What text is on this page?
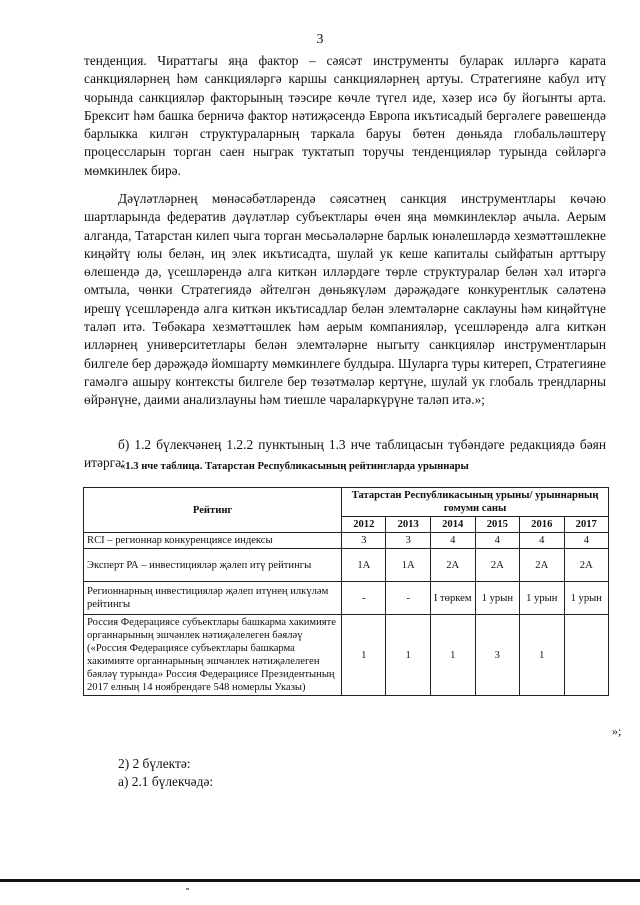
3

тенденция. Чираттагы яңа фактор – сәясәт инструменты буларак илләргә карата санкцияләрнең һәм санкцияләргә каршы санкцияләрнең артуы. Стратегияне кабул итү чорында санкцияләр факторының тәэсире көчле түгел иде, хәзер исә бу йогынты арта. Брексит һәм башка берничә фактор нәтиҗәсендә Европа икътисадый бергәлеге рәвешендә барлыкка килгән структураларның таркала баруы бөтен дөньяда глобальләштерү процессларын торган саен ныграк туктатып торучы тенденцияләр турында сөйләргә мөмкинлек бирә.

Дәүләтләрнең мөнәсәбәтләрендә сәясәтнең санкция инструментлары көчәю шартларында федератив дәүләтләр субъектлары өчен яңа мөмкинлекләр ачыла. Аерым алганда, Татарстан килеп чыга торган мөсьәләләрне барлык юнәлешләрдә хезмәттәшлекне киңәйтү юлы белән, иң элек икътисадта, шулай ук кеше капиталы сыйфатын арттыру өлешендә дә, үсешләрендә алга киткән илләрдәге төрле структуралар белән хәл итәргә омтыла, чөнки Стратегиядә әйтелгән дөньякүләм дәрәҗәдәге конкурентлык сәләтенә ирешү үсешләрендә алга киткән икътисадлар белән элемтәләрне саклауны һәм киңәйтүне таләп итә. Төбәкара хезмәттәшлек һәм аерым компанияләр, үсешләрендә алга киткән илләрнең университетлары белән элемтәләрне ныгыту санкцияләр инструментларын билгеле бер дәрәҗәдә йомшарту мөмкинлеге булдыра. Шуларга туры китереп, Стратегияне гамәлгә ашыру контексты билгеле бер төзәтмәләр кертүне, шулай ук глобаль трендларны өйрәнүне, даими анализлауны һәм тиешле чараларкүрүне таләп итә.»;

б) 1.2 бүлекчәнең 1.2.2 пунктының 1.3 нче таблицасын түбәндәге редакциядә бәян итәргә:

«1.3 нче таблица. Татарстан Республикасының рейтингларда урыннары
Рейтинг	Татарстан Республикасының урыны/ урыннарның гомуми саны					
	2012	2013	2014	2015	2016	2017
RCI – регионнар конкуренциясе индексы	3	3	4	4	4	4
Эксперт РА – инвестицияләр җәлеп итү рейтингы	1А	1А	2А	2А	2А	2А
Регионнарның инвестицияләр җәлеп итүнең илкүләм рейтингы	-	-	I төркем	1 урын	1 урын	1 урын
Россия Федерациясе субъектлары башкарма хакимияте органнарының эшчәнлек нәтиҗәлелеген бәяләү («Россия Федерациясе субъектлары башкарма хакимияте органнарының эшчәнлек нәтиҗәлелеген бәяләү турында» Россия Федерациясе Президентының 2017 елның 14 ноябрендәге 548 номерлы Указы)	1	1	1	3	1	
»;

2) 2 бүлектә:

а) 2.1 бүлекчәдә:
